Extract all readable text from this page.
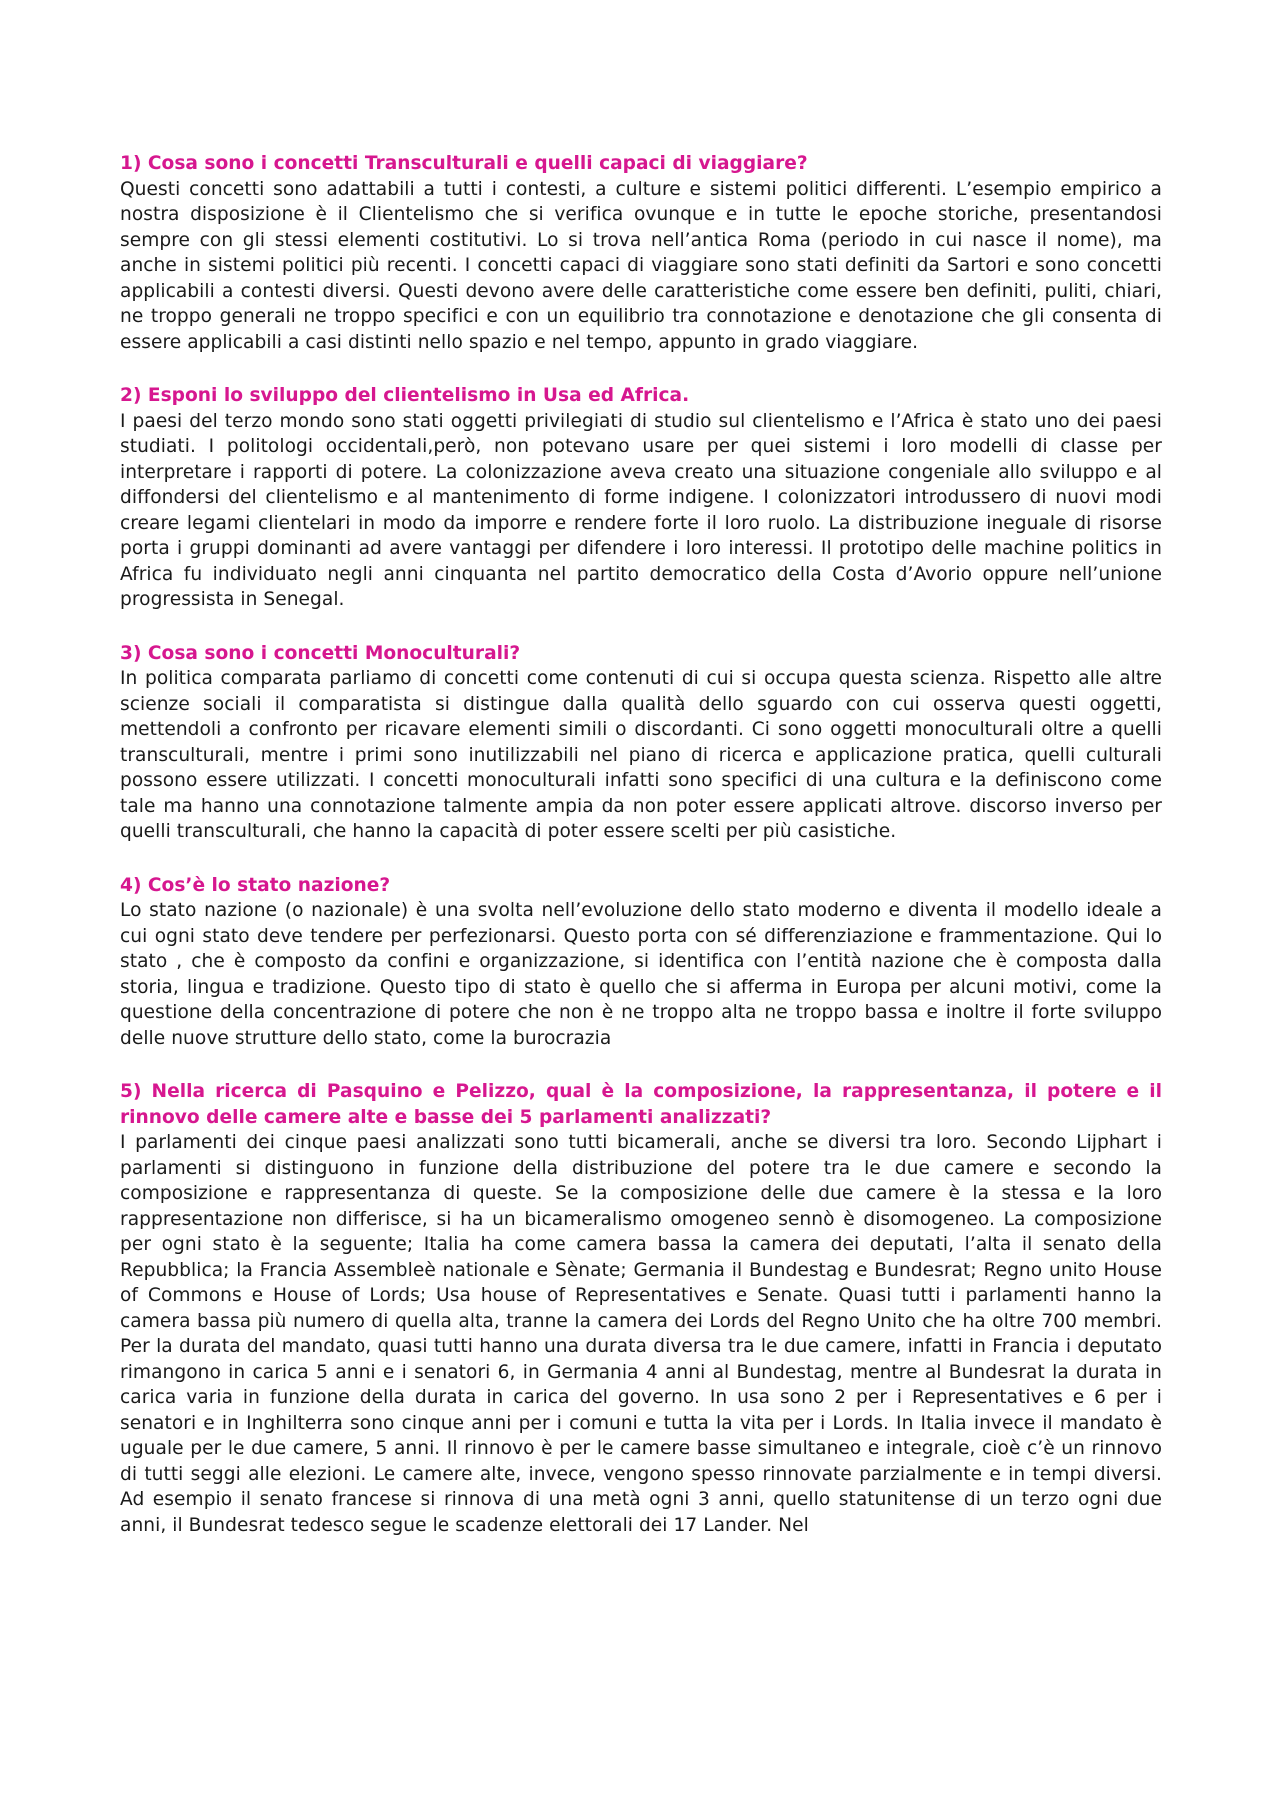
1) Cosa sono i concetti Transculturali e quelli capaci di viaggiare?

Questi concetti sono adattabili a tutti i contesti, a culture e sistemi politici differenti. L’esempio empirico a nostra disposizione è il Clientelismo che si verifica ovunque e in tutte le epoche storiche, presentandosi sempre con gli stessi elementi costitutivi. Lo si trova nell’antica Roma (periodo in cui nasce il nome), ma anche in sistemi politici più recenti. I concetti capaci di viaggiare sono stati definiti da Sartori e sono concetti applicabili a contesti diversi. Questi devono avere delle caratteristiche come essere ben definiti, puliti, chiari, ne troppo generali ne troppo specifici e con un equilibrio tra connotazione e denotazione che gli consenta di essere applicabili a casi distinti nello spazio e nel tempo, appunto in grado viaggiare.

2) Esponi lo sviluppo del clientelismo in Usa ed Africa.

I paesi del terzo mondo sono stati oggetti privilegiati di studio sul clientelismo e l’Africa è stato uno dei paesi studiati. I politologi occidentali,però, non potevano usare per quei sistemi i loro modelli di classe per interpretare i rapporti di potere. La colonizzazione aveva creato una situazione congeniale allo sviluppo e al diffondersi del clientelismo e al mantenimento di forme indigene. I colonizzatori introdussero di nuovi modi creare legami clientelari in modo da imporre e rendere forte il loro ruolo. La distribuzione ineguale di risorse porta i gruppi dominanti ad avere vantaggi per difendere i loro interessi. Il prototipo delle machine politics in Africa fu individuato negli anni cinquanta nel partito democratico della Costa d’Avorio oppure nell’unione progressista in Senegal.

3) Cosa sono i concetti Monoculturali?

In politica comparata parliamo di concetti come contenuti di cui si occupa questa scienza. Rispetto alle altre scienze sociali il comparatista si distingue dalla qualità dello sguardo con cui osserva questi oggetti, mettendoli a confronto per ricavare elementi simili o discordanti. Ci sono oggetti monoculturali oltre a quelli transculturali, mentre i primi sono inutilizzabili nel piano di ricerca e applicazione pratica, quelli culturali possono essere utilizzati. I concetti monoculturali infatti sono specifici di una cultura e la definiscono come tale ma hanno una connotazione talmente ampia da non poter essere applicati altrove. discorso inverso per quelli transculturali, che hanno la capacità di poter essere scelti per più casistiche.

4) Cos’è lo stato nazione?

Lo stato nazione (o nazionale) è una svolta nell’evoluzione dello stato moderno e diventa il modello ideale a cui ogni stato deve tendere per perfezionarsi. Questo porta con sé differenziazione e frammentazione. Qui lo stato , che è composto da confini e organizzazione, si identifica con l’entità nazione che è composta dalla storia, lingua e tradizione. Questo tipo di stato è quello che si afferma in Europa per alcuni motivi, come la questione della concentrazione di potere che non è ne troppo alta ne troppo bassa e inoltre il forte sviluppo delle nuove strutture dello stato, come la burocrazia

5) Nella ricerca di Pasquino e Pelizzo, qual è la composizione, la rappresentanza, il potere e il rinnovo delle camere alte e basse dei 5 parlamenti analizzati?

I parlamenti dei cinque paesi analizzati sono tutti bicamerali, anche se diversi tra loro. Secondo Lijphart i parlamenti si distinguono in funzione della distribuzione del potere tra le due camere e secondo la composizione e rappresentanza di queste. Se la composizione delle due camere è la stessa e la loro rappresentazione non differisce, si ha un bicameralismo omogeneo sennò è disomogeneo. La composizione per ogni stato è la seguente; Italia ha come camera bassa la camera dei deputati, l’alta il senato della Repubblica; la Francia Assembleè nationale e Sènate; Germania il Bundestag e Bundesrat; Regno unito House of Commons e House of Lords; Usa house of Representatives e Senate. Quasi tutti i parlamenti hanno la camera bassa più numero di quella alta, tranne la camera dei Lords del Regno Unito che ha oltre 700 membri. Per la durata del mandato, quasi tutti hanno una durata diversa tra le due camere, infatti in Francia i deputato rimangono in carica 5 anni e i senatori 6, in Germania 4 anni al Bundestag, mentre al Bundesrat la durata in carica varia in funzione della durata in carica del governo. In usa sono 2 per i Representatives e 6 per i senatori e in Inghilterra sono cinque anni per i comuni e tutta la vita per i Lords. In Italia invece il mandato è uguale per le due camere, 5 anni. Il rinnovo è per le camere basse simultaneo e integrale, cioè c’è un rinnovo di tutti seggi alle elezioni. Le camere alte, invece, vengono spesso rinnovate parzialmente e in tempi diversi. Ad esempio il senato francese si rinnova di una metà ogni 3 anni, quello statunitense di un terzo ogni due anni, il Bundesrat tedesco segue le scadenze elettorali dei 17 Lander. Nel
